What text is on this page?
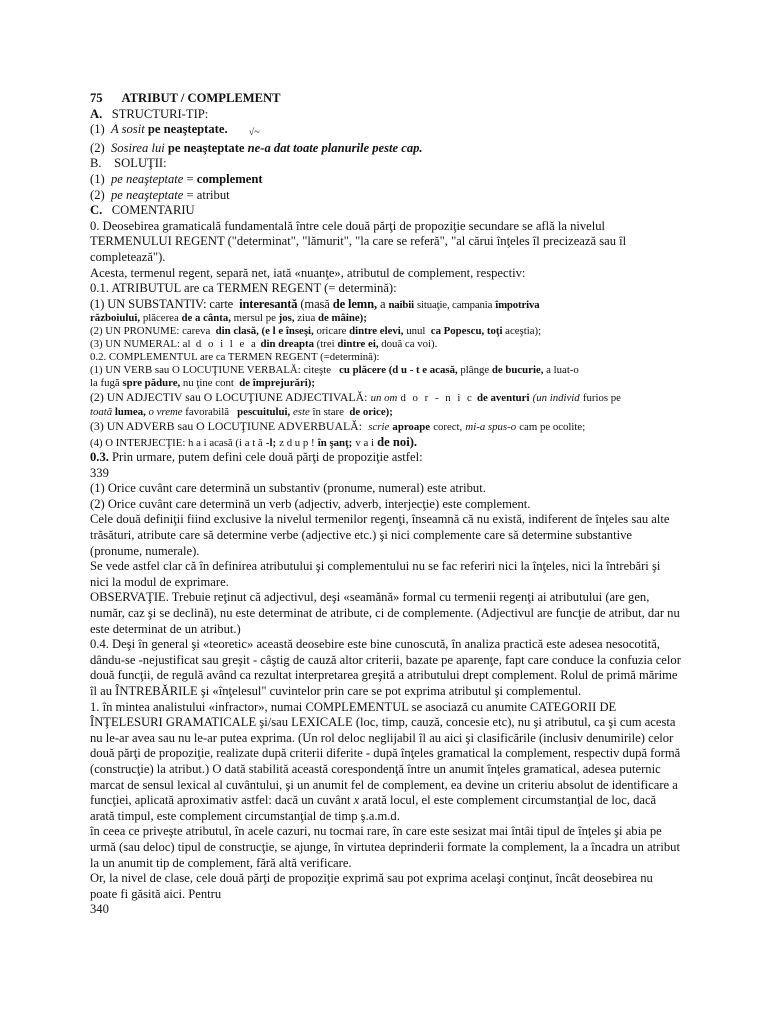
75 ATRIBUT / COMPLEMENT
A. STRUCTURI-TIP:
(1) A sosit pe neaşteptate. √~
(2) Sosirea lui pe neaşteptate ne-a dat toate planurile peste cap.
B. SOLUŢII:
(1) pe neaşteptate = complement
(2) pe neaşteptate = atribut
C. COMENTARIU
0. Deosebirea gramaticală fundamentală între cele două părţi de propoziţie secundare se află la nivelul TERMENULUI REGENT ("determinat", "lămurit", "la care se referă", "al cărui înţeles îl precizează sau îl completează").
Acesta, termenul regent, separă net, iată «nuanţe», atributul de complement, respectiv:
0.1. ATRIBUTUL are ca TERMEN REGENT (= determină):
(1) UN SUBSTANTIV: carte interesantă (masă de lemn, a naibii situaţie, campania împotriva
războiului, plăcerea de a cânta, mersul pe jos, ziua de mâine);
(2) UN PRONUME: careva din clasă, (e l e înseşi, oricare dintre elevi, unul ca Popescu, toţi aceştia);
(3) UN NUMERAL: al d o i l e a din dreapta (trei dintre ei, două ca voi).
0.2. COMPLEMENTUL are ca TERMEN REGENT (=determină):
(1) UN VERB sau O LOCUŢIUNE VERBALĂ: citeşte cu plăcere (d u - t e acasă, plânge de bucurie, a luat-o
la fugă spre pădure, nu ţine cont de împrejurări);
(2) UN ADJECTIV sau O LOCUŢIUNE ADJECTIVALĂ: un om d o r - n i c de aventuri (un individ furios pe
toată lumea, o vreme favorabilă pescuitului, este în stare de orice);
(3) UN ADVERB sau O LOCUŢIUNE ADVERBUALĂ: scrie aproape corect, mi-a spus-o cam pe ocolite;
(4) O INTERJECŢIE: h a i acasă (i a t ă -l; z d u p ! în şanţ; v a i de noi).
0.3. Prin urmare, putem defini cele două părţi de propoziţie astfel:
339
(1) Orice cuvânt care determină un substantiv (pronume, numeral) este atribut.
(2) Orice cuvânt care determină un verb (adjectiv, adverb, interjecţie) este complement.
Cele două definiţii fiind exclusive la nivelul termenilor regenţi, înseamnă că nu există, indiferent de înţeles sau alte trăsături, atribute care să determine verbe (adjective etc.) şi nici complemente care să determine substantive (pronume, numerale).
Se vede astfel clar că în definirea atributului şi complementului nu se fac referiri nici la înţeles, nici la întrebări şi nici la modul de exprimare.
OBSERVAŢIE. Trebuie reţinut că adjectivul, deşi «seamănă» formal cu termenii regenţi ai atributului (are gen, număr, caz şi se declină), nu este determinat de atribute, ci de complemente. (Adjectivul are funcţie de atribut, dar nu este determinat de un atribut.)
0.4. Deşi în general şi «teoretic» această deosebire este bine cunoscută, în analiza practică este adesea nesocotită, dându-se -nejustificat sau greşit - câştig de cauză altor criterii, bazate pe aparenţe, fapt care conduce la confuzia celor două funcţii, de regulă având ca rezultat interpretarea greşită a atributului drept complement. Rolul de primă mărime îl au ÎNTREBĂRILE şi «înţelesul" cuvintelor prin care se pot exprima atributul şi complementul.
1. în mintea analistului «infractor», numai COMPLEMENTUL se asociază cu anumite CATEGORII DE ÎNŢELESURI GRAMATICALE şi/sau LEXICALE (loc, timp, cauză, concesie etc), nu şi atributul, ca şi cum acesta nu le-ar avea sau nu le-ar putea exprima. (Un rol deloc neglijabil îl au aici şi clasificările (inclusiv denumirile) celor două părţi de propoziţie, realizate după criterii diferite - după înţeles gramatical la complement, respectiv după formă (construcţie) la atribut.) O dată stabilită această corespondenţă între un anumit înţeles gramatical, adesea puternic marcat de sensul lexical al cuvântului, şi un anumit fel de complement, ea devine un criteriu absolut de identificare a funcţiei, aplicată aproximativ astfel: dacă un cuvânt x arată locul, el este complement circumstanţial de loc, dacă arată timpul, este complement circumstanţial de timp ş.a.m.d.
în ceea ce priveşte atributul, în acele cazuri, nu tocmai rare, în care este sesizat mai întâi tipul de înţeles şi abia pe urmă (sau deloc) tipul de construcţie, se ajunge, în virtutea deprinderii formate la complement, la a încadra un atribut la un anumit tip de complement, fără altă verificare.
Or, la nivel de clase, cele două părţi de propoziţie exprimă sau pot exprima acelaşi conţinut, încât deosebirea nu poate fi găsită aici. Pentru
340
